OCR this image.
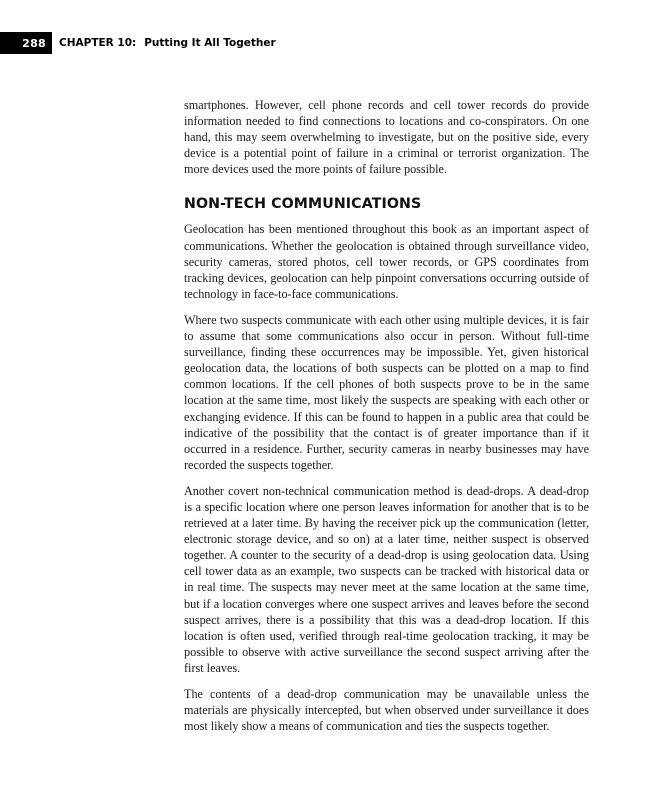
288	CHAPTER 10: Putting It All Together

smartphones. However, cell phone records and cell tower records do provide information needed to find connections to locations and co-conspirators. On one hand, this may seem overwhelming to investigate, but on the positive side, every device is a potential point of failure in a criminal or terrorist organization. The more devices used the more points of failure possible.

NON-TECH COMMUNICATIONS

Geolocation has been mentioned throughout this book as an important aspect of communications. Whether the geolocation is obtained through surveillance video, security cameras, stored photos, cell tower records, or GPS coordinates from tracking devices, geolocation can help pinpoint conversations occurring outside of technology in face-to-face communications.

Where two suspects communicate with each other using multiple devices, it is fair to assume that some communications also occur in person. Without full-time surveillance, finding these occurrences may be impossible. Yet, given historical geolocation data, the locations of both suspects can be plotted on a map to find common locations. If the cell phones of both suspects prove to be in the same location at the same time, most likely the suspects are speaking with each other or exchanging evidence. If this can be found to happen in a public area that could be indicative of the possibility that the contact is of greater importance than if it occurred in a residence. Further, security cameras in nearby businesses may have recorded the suspects together.

Another covert non-technical communication method is dead-drops. A dead-drop is a specific location where one person leaves information for another that is to be retrieved at a later time. By having the receiver pick up the communication (letter, electronic storage device, and so on) at a later time, neither suspect is observed together. A counter to the security of a dead-drop is using geolocation data. Using cell tower data as an example, two suspects can be tracked with historical data or in real time. The suspects may never meet at the same location at the same time, but if a location converges where one suspect arrives and leaves before the second suspect arrives, there is a possibility that this was a dead-drop location. If this location is often used, verified through real-time geolocation tracking, it may be possible to observe with active surveillance the second suspect arriving after the first leaves.

The contents of a dead-drop communication may be unavailable unless the materials are physically intercepted, but when observed under surveillance it does most likely show a means of communication and ties the suspects together.
